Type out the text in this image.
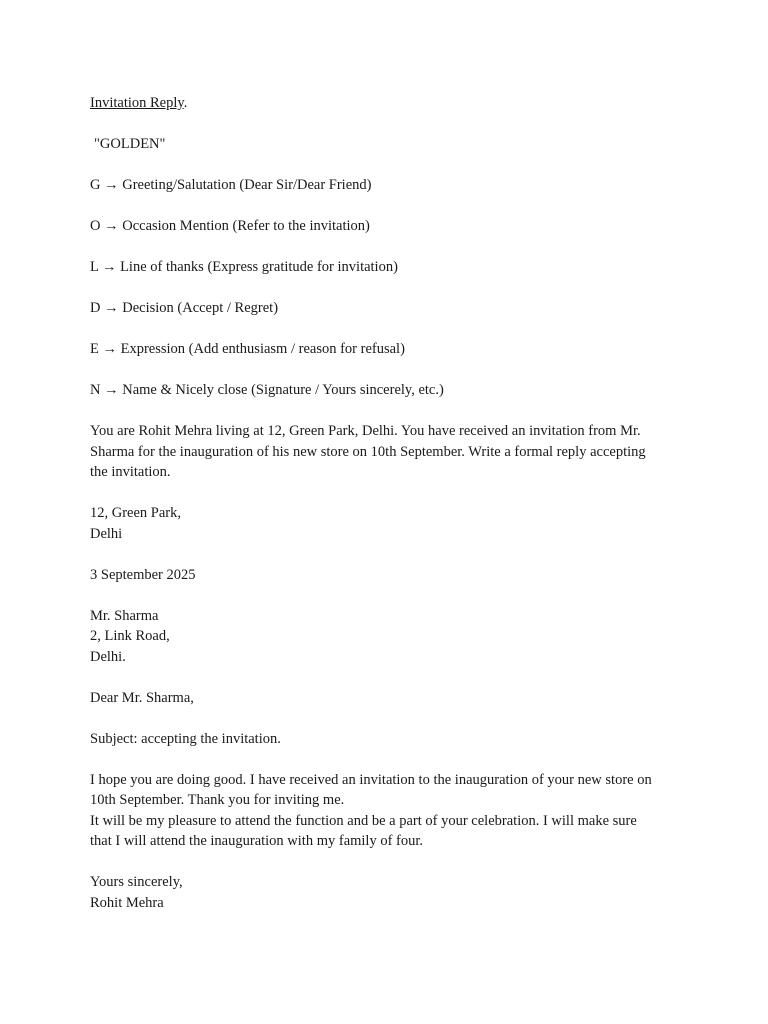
Invitation Reply.
"GOLDEN"
G → Greeting/Salutation (Dear Sir/Dear Friend)
O → Occasion Mention (Refer to the invitation)
L → Line of thanks (Express gratitude for invitation)
D → Decision (Accept / Regret)
E → Expression (Add enthusiasm / reason for refusal)
N → Name & Nicely close (Signature / Yours sincerely, etc.)
You are Rohit Mehra living at 12, Green Park, Delhi. You have received an invitation from Mr.
Sharma for the inauguration of his new store on 10th September. Write a formal reply accepting
the invitation.
12, Green Park,
Delhi
3 September 2025
Mr. Sharma
2, Link Road,
Delhi.
Dear Mr. Sharma,
Subject: accepting the invitation.
I hope you are doing good. I have received an invitation to the inauguration of your new store on
10th September. Thank you for inviting me.
It will be my pleasure to attend the function and be a part of your celebration. I will make sure
that I will attend the inauguration with my family of four.
Yours sincerely,
Rohit Mehra
